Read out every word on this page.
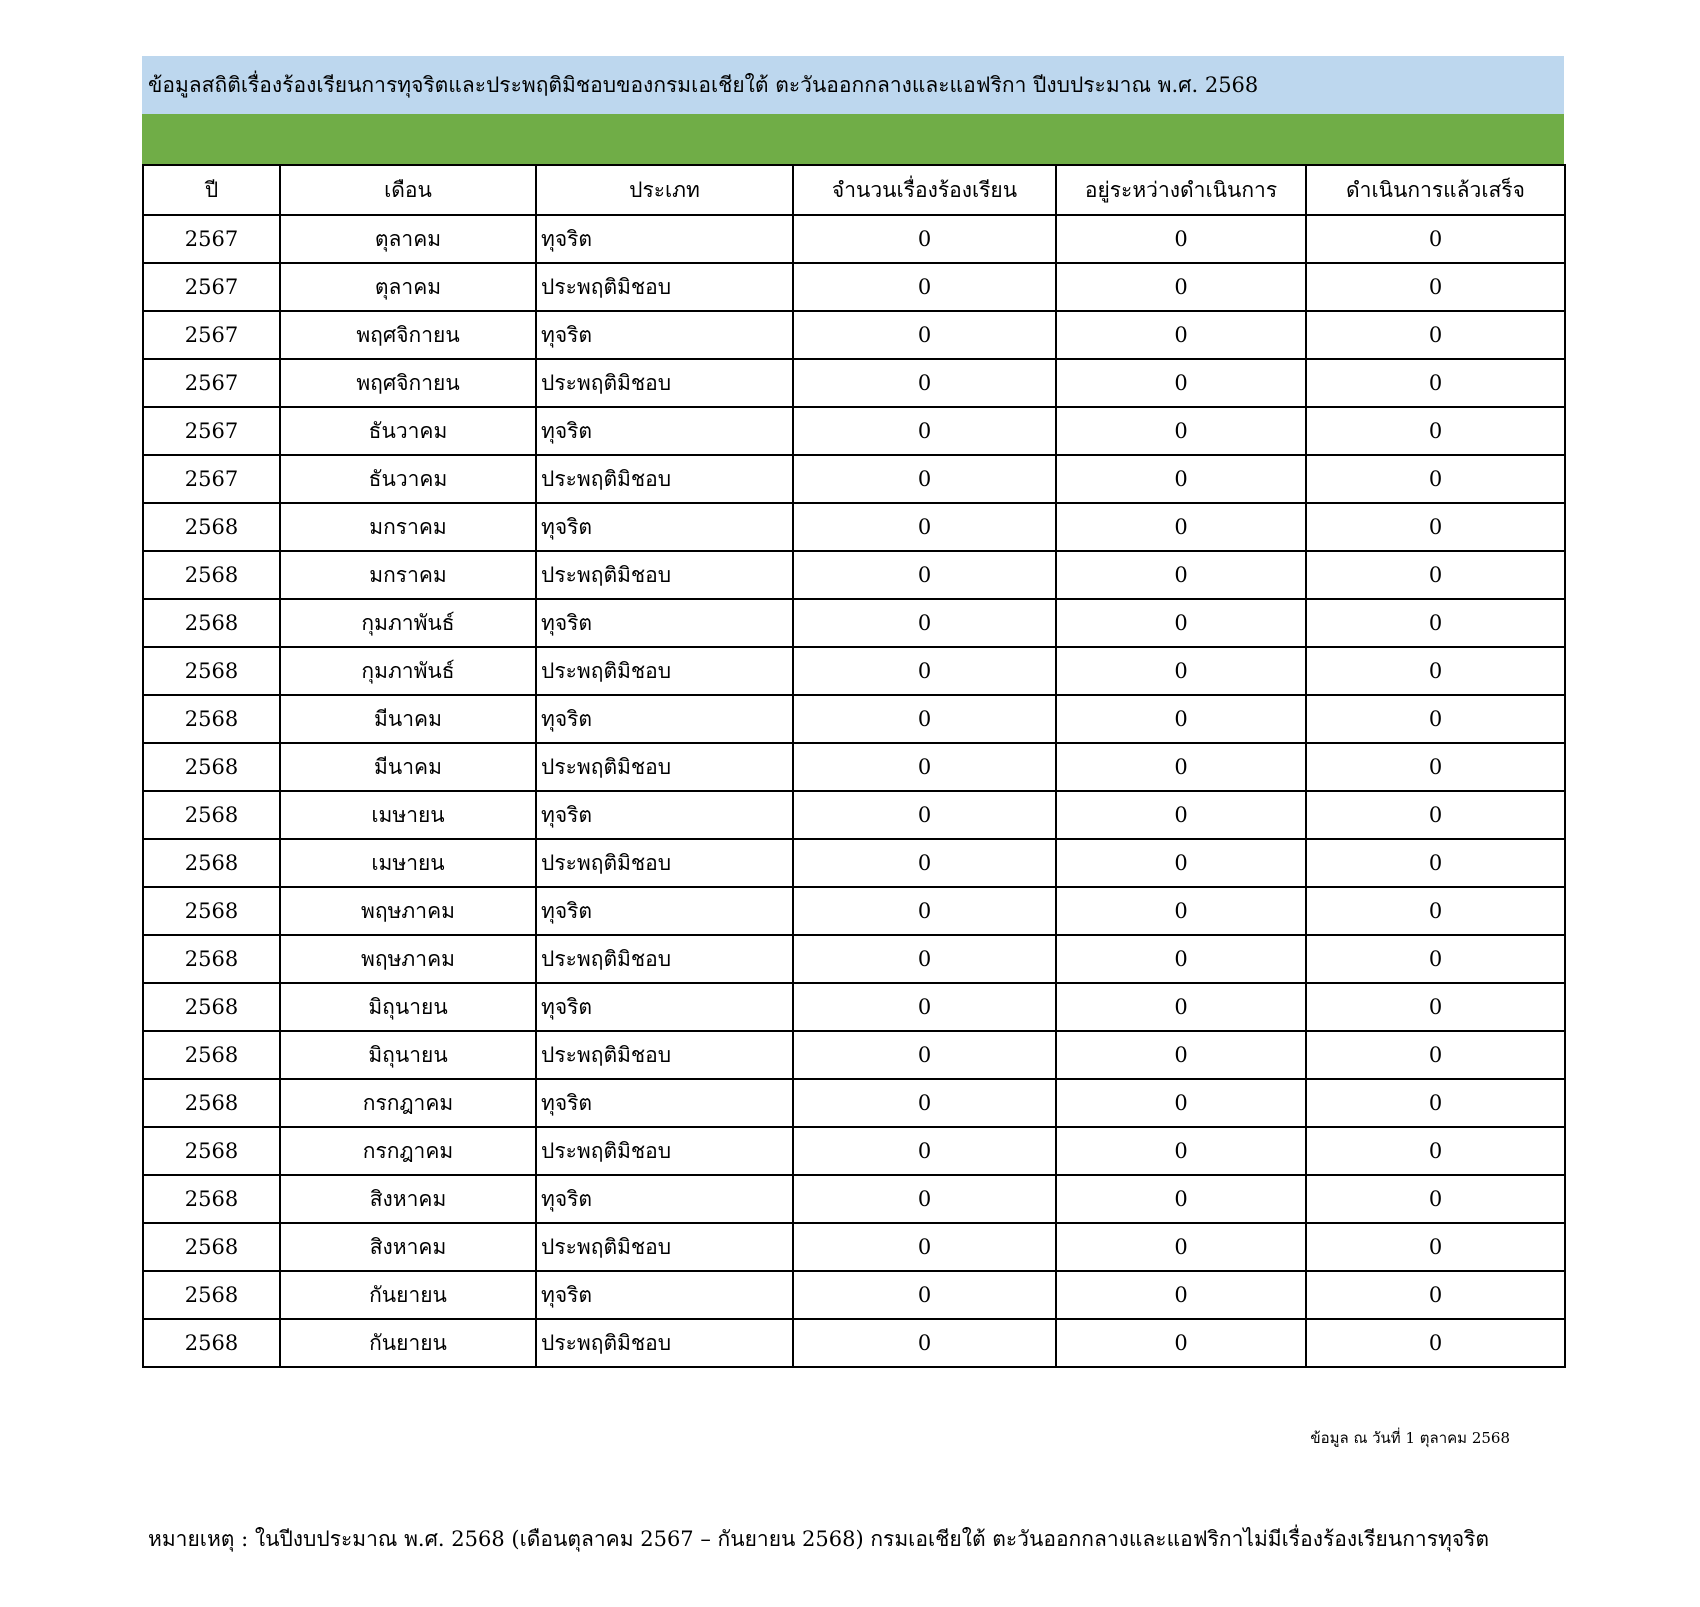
ข้อมูลสถิติเรื่องร้องเรียนการทุจริตและประพฤติมิชอบของกรมเอเชียใต้ ตะวันออกกลางและแอฟริกา ปีงบประมาณ พ.ศ. 2568
ปี	เดือน	ประเภท	จำนวนเรื่องร้องเรียน	อยู่ระหว่างดำเนินการ	ดำเนินการแล้วเสร็จ
2567	ตุลาคม	ทุจริต	0	0	0
2567	ตุลาคม	ประพฤติมิชอบ	0	0	0
2567	พฤศจิกายน	ทุจริต	0	0	0
2567	พฤศจิกายน	ประพฤติมิชอบ	0	0	0
2567	ธันวาคม	ทุจริต	0	0	0
2567	ธันวาคม	ประพฤติมิชอบ	0	0	0
2568	มกราคม	ทุจริต	0	0	0
2568	มกราคม	ประพฤติมิชอบ	0	0	0
2568	กุมภาพันธ์	ทุจริต	0	0	0
2568	กุมภาพันธ์	ประพฤติมิชอบ	0	0	0
2568	มีนาคม	ทุจริต	0	0	0
2568	มีนาคม	ประพฤติมิชอบ	0	0	0
2568	เมษายน	ทุจริต	0	0	0
2568	เมษายน	ประพฤติมิชอบ	0	0	0
2568	พฤษภาคม	ทุจริต	0	0	0
2568	พฤษภาคม	ประพฤติมิชอบ	0	0	0
2568	มิถุนายน	ทุจริต	0	0	0
2568	มิถุนายน	ประพฤติมิชอบ	0	0	0
2568	กรกฎาคม	ทุจริต	0	0	0
2568	กรกฎาคม	ประพฤติมิชอบ	0	0	0
2568	สิงหาคม	ทุจริต	0	0	0
2568	สิงหาคม	ประพฤติมิชอบ	0	0	0
2568	กันยายน	ทุจริต	0	0	0
2568	กันยายน	ประพฤติมิชอบ	0	0	0
ข้อมูล ณ วันที่ 1 ตุลาคม 2568
หมายเหตุ : ในปีงบประมาณ พ.ศ. 2568 (เดือนตุลาคม 2567 – กันยายน 2568) กรมเอเชียใต้ ตะวันออกกลางและแอฟริกาไม่มีเรื่องร้องเรียนการทุจริต
